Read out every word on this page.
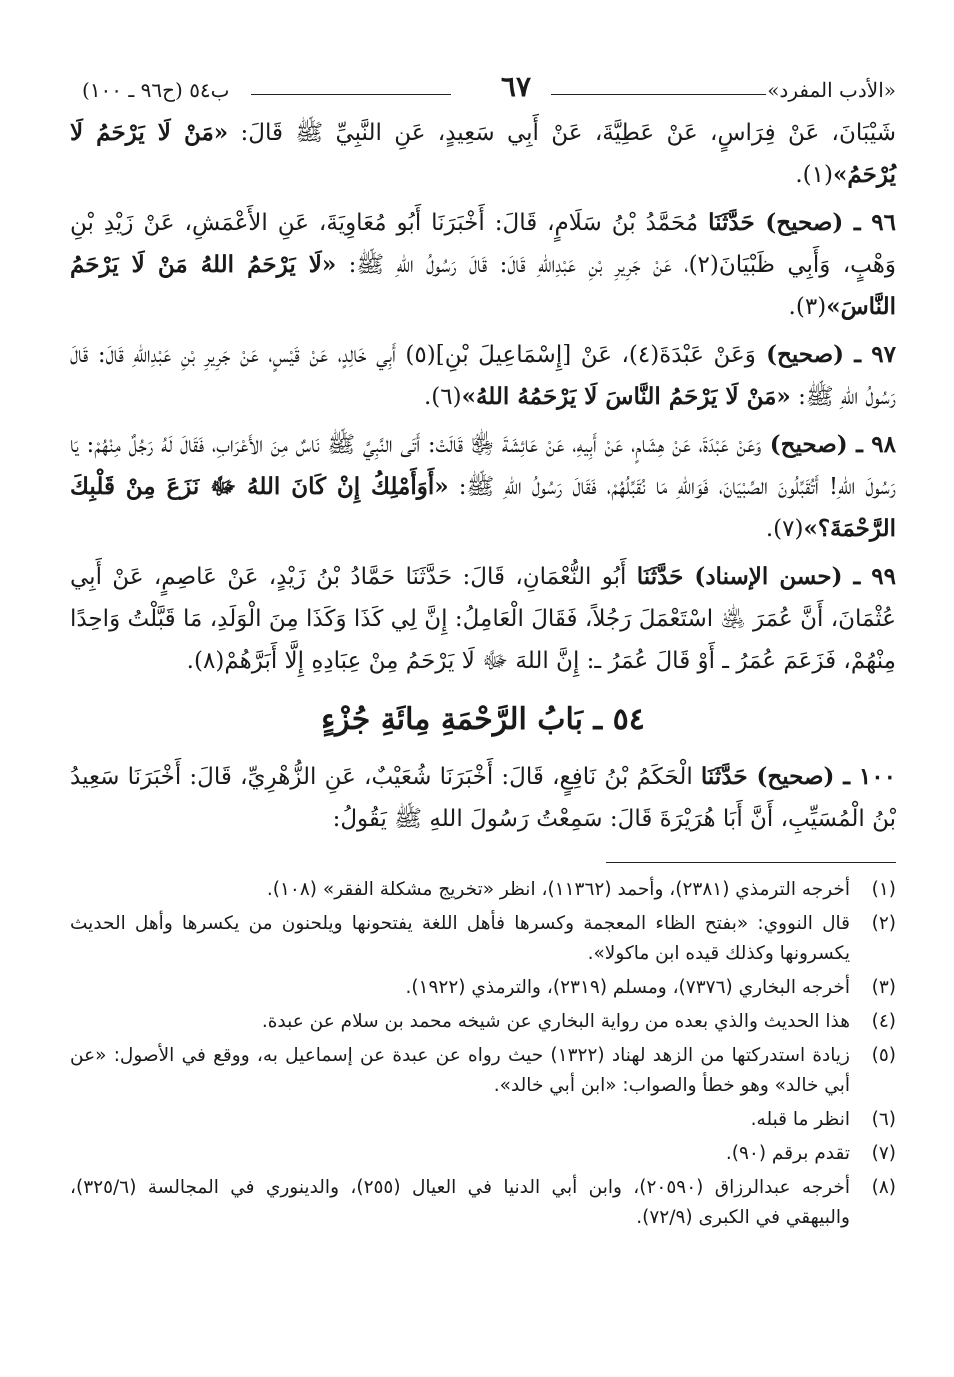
«الأدب المفرد»
٦٧
ب٥٤ (ح٩٦ ـ ١٠٠)

شَيْبَانَ، عَنْ فِرَاسٍ، عَنْ عَطِيَّةَ، عَنْ أَبِي سَعِيدٍ، عَنِ النَّبِيِّ ﷺ قَالَ: «مَنْ لَا يَرْحَمُ لَا يُرْحَمُ»(١).

٩٦ ـ (صحيح) حَدَّثَنَا مُحَمَّدُ بْنُ سَلَامٍ، قَالَ: أَخْبَرَنَا أَبُو مُعَاوِيَةَ، عَنِ الأَعْمَشِ، عَنْ زَيْدِ بْنِ وَهْبٍ، وَأَبِي ظَبْيَانَ(٢)، عَنْ جَرِيرِ بْنِ عَبْدِاللهِ قَالَ: قَالَ رَسُولُ اللهِ ﷺ: «لَا يَرْحَمُ اللهُ مَنْ لَا يَرْحَمُ النَّاسَ»(٣).

٩٧ ـ (صحيح) وَعَنْ عَبْدَةَ(٤)، عَنْ [إِسْمَاعِيلَ بْنِ](٥) أَبِي خَالِدٍ، عَنْ قَيْسٍ، عَنْ جَرِيرِ بْنِ عَبْدِاللهِ قَالَ: قَالَ رَسُولُ اللهِ ﷺ: «مَنْ لَا يَرْحَمُ النَّاسَ لَا يَرْحَمُهُ اللهُ»(٦).

٩٨ ـ (صحيح) وَعَنْ عَبْدَةَ، عَنْ هِشَامٍ، عَنْ أَبِيهِ، عَنْ عَائِشَةَ ﵂ قَالَتْ: أَتَى النَّبِيَّ ﷺ نَاسٌ مِنَ الأَعْرَابِ، فَقَالَ لَهُ رَجُلٌ مِنْهُمْ: يَا رَسُولَ اللهِ! أَتُقَبِّلُونَ الصِّبْيَانَ، فَوَاللهِ مَا نُقَبِّلُهُمْ، فَقَالَ رَسُولُ اللهِ ﷺ: «أَوَأَمْلِكُ إِنْ كَانَ اللهُ ﷻ نَزَعَ مِنْ قَلْبِكَ الرَّحْمَةَ؟»(٧).

٩٩ ـ (حسن الإسناد) حَدَّثَنَا أَبُو النُّعْمَانِ، قَالَ: حَدَّثَنَا حَمَّادُ بْنُ زَيْدٍ، عَنْ عَاصِمٍ، عَنْ أَبِي عُثْمَانَ، أَنَّ عُمَرَ ﵁ اسْتَعْمَلَ رَجُلاً، فَقَالَ الْعَامِلُ: إِنَّ لِي كَذَا وَكَذَا مِنَ الْوَلَدِ، مَا قَبَّلْتُ وَاحِدًا مِنْهُمْ، فَزَعَمَ عُمَرُ ـ أَوْ قَالَ عُمَرُ ـ: إِنَّ اللهَ ﷻ لَا يَرْحَمُ مِنْ عِبَادِهِ إِلَّا أَبَرَّهُمْ(٨).

٥٤ ـ بَابُ الرَّحْمَةِ مِائَةِ جُزْءٍ

١٠٠ ـ (صحيح) حَدَّثَنَا الْحَكَمُ بْنُ نَافِعٍ، قَالَ: أَخْبَرَنَا شُعَيْبٌ، عَنِ الزُّهْرِيِّ، قَالَ: أَخْبَرَنَا سَعِيدُ بْنُ الْمُسَيِّبِ، أَنَّ أَبَا هُرَيْرَةَ قَالَ: سَمِعْتُ رَسُولَ اللهِ ﷺ يَقُولُ:

(١)
أخرجه الترمذي (٢٣٨١)، وأحمد (١١٣٦٢)، انظر «تخريج مشكلة الفقر» (١٠٨).
(٢)
قال النووي: «بفتح الظاء المعجمة وكسرها فأهل اللغة يفتحونها ويلحنون من يكسرها وأهل الحديث يكسرونها وكذلك قيده ابن ماكولا».
(٣)
أخرجه البخاري (٧٣٧٦)، ومسلم (٢٣١٩)، والترمذي (١٩٢٢).
(٤)
هذا الحديث والذي بعده من رواية البخاري عن شيخه محمد بن سلام عن عبدة.
(٥)
زيادة استدركتها من الزهد لهناد (١٣٢٢) حيث رواه عن عبدة عن إسماعيل به، ووقع في الأصول: «عن أبي خالد» وهو خطأ والصواب: «ابن أبي خالد».
(٦)
انظر ما قبله.
(٧)
تقدم برقم (٩٠).
(٨)
أخرجه عبدالرزاق (٢٠٥٩٠)، وابن أبي الدنيا في العيال (٢٥٥)، والدينوري في المجالسة (٣٢٥/٦)، والبيهقي في الكبرى (٧٢/٩).
